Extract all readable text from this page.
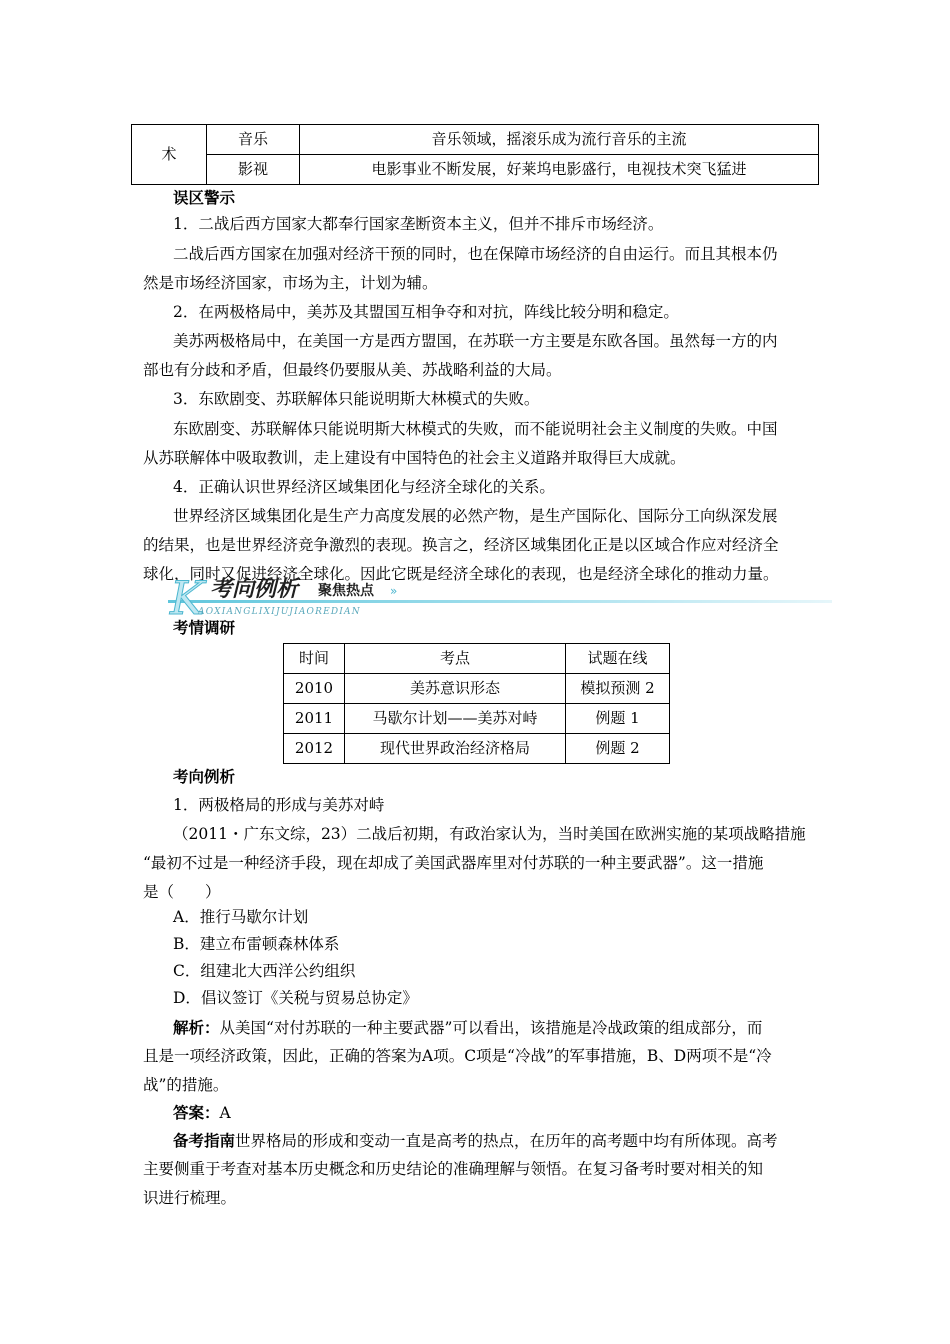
术	音乐	音乐领域，摇滚乐成为流行音乐的主流
	影视	电影事业不断发展，好莱坞电影盛行，电视技术突飞猛进
误区警示
1．二战后西方国家大都奉行国家垄断资本主义，但并不排斥市场经济。
二战后西方国家在加强对经济干预的同时，也在保障市场经济的自由运行。而且其根本仍
然是市场经济国家，市场为主，计划为辅。
2．在两极格局中，美苏及其盟国互相争夺和对抗，阵线比较分明和稳定。
美苏两极格局中，在美国一方是西方盟国，在苏联一方主要是东欧各国。虽然每一方的内
部也有分歧和矛盾，但最终仍要服从美、苏战略利益的大局。
3．东欧剧变、苏联解体只能说明斯大林模式的失败。
东欧剧变、苏联解体只能说明斯大林模式的失败，而不能说明社会主义制度的失败。中国
从苏联解体中吸取教训，走上建设有中国特色的社会主义道路并取得巨大成就。
4．正确认识世界经济区域集团化与经济全球化的关系。
世界经济区域集团化是生产力高度发展的必然产物，是生产国际化、国际分工向纵深发展
的结果，也是世界经济竞争激烈的表现。换言之，经济区域集团化正是以区域合作应对经济全
球化，同时又促进经济全球化。因此它既是经济全球化的表现，也是经济全球化的推动力量。
K 考向例析 聚焦热点 »
AOXIANGLIXIJUJIAOREDIAN
考情调研
时间	考点	试题在线
2010	美苏意识形态	模拟预测 2
2011	马歇尔计划——美苏对峙	例题 1
2012	现代世界政治经济格局	例题 2
考向例析
1．两极格局的形成与美苏对峙
（2011・广东文综，23）二战后初期，有政治家认为，当时美国在欧洲实施的某项战略措施
“最初不过是一种经济手段，现在却成了美国武器库里对付苏联的一种主要武器”。这一措施
是（　　）
A．推行马歇尔计划
B．建立布雷顿森林体系
C．组建北大西洋公约组织
D．倡议签订《关税与贸易总协定》
解析：从美国“对付苏联的一种主要武器”可以看出，该措施是冷战政策的组成部分，而
且是一项经济政策，因此，正确的答案为A项。C项是“冷战”的军事措施，B、D两项不是“冷
战”的措施。
答案：A
备考指南世界格局的形成和变动一直是高考的热点，在历年的高考题中均有所体现。高考
主要侧重于考查对基本历史概念和历史结论的准确理解与领悟。在复习备考时要对相关的知
识进行梳理。
